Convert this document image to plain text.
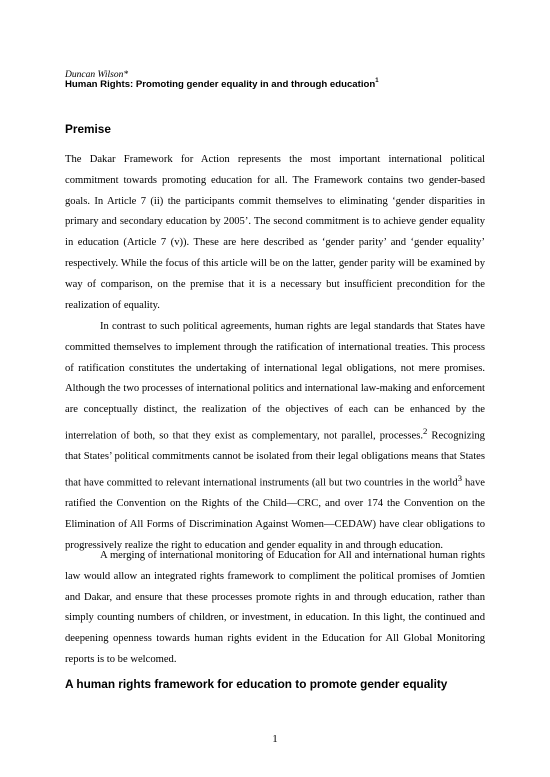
Duncan Wilson*

Human Rights: Promoting gender equality in and through education$^1$

Premise

The Dakar Framework for Action represents the most important international political commitment towards promoting education for all. The Framework contains two gender-based goals. In Article 7 (ii) the participants commit themselves to eliminating ‘gender disparities in primary and secondary education by 2005’. The second commitment is to achieve gender equality in education (Article 7 (v)). These are here described as ‘gender parity’ and ‘gender equality’ respectively. While the focus of this article will be on the latter, gender parity will be examined by way of comparison, on the premise that it is a necessary but insufficient precondition for the realization of equality.

In contrast to such political agreements, human rights are legal standards that States have committed themselves to implement through the ratification of international treaties. This process of ratification constitutes the undertaking of international legal obligations, not mere promises. Although the two processes of international politics and international law-making and enforcement are conceptually distinct, the realization of the objectives of each can be enhanced by the interrelation of both, so that they exist as complementary, not parallel, processes.$^2$ Recognizing that States’ political commitments cannot be isolated from their legal obligations means that States that have committed to relevant international instruments (all but two countries in the world$^3$ have ratified the Convention on the Rights of the Child—CRC, and over 174 the Convention on the Elimination of All Forms of Discrimination Against Women—CEDAW) have clear obligations to progressively realize the right to education and gender equality in and through education.

A merging of international monitoring of Education for All and international human rights law would allow an integrated rights framework to compliment the political promises of Jomtien and Dakar, and ensure that these processes promote rights in and through education, rather than simply counting numbers of children, or investment, in education. In this light, the continued and deepening openness towards human rights evident in the Education for All Global Monitoring reports is to be welcomed.

A human rights framework for education to promote gender equality

1
